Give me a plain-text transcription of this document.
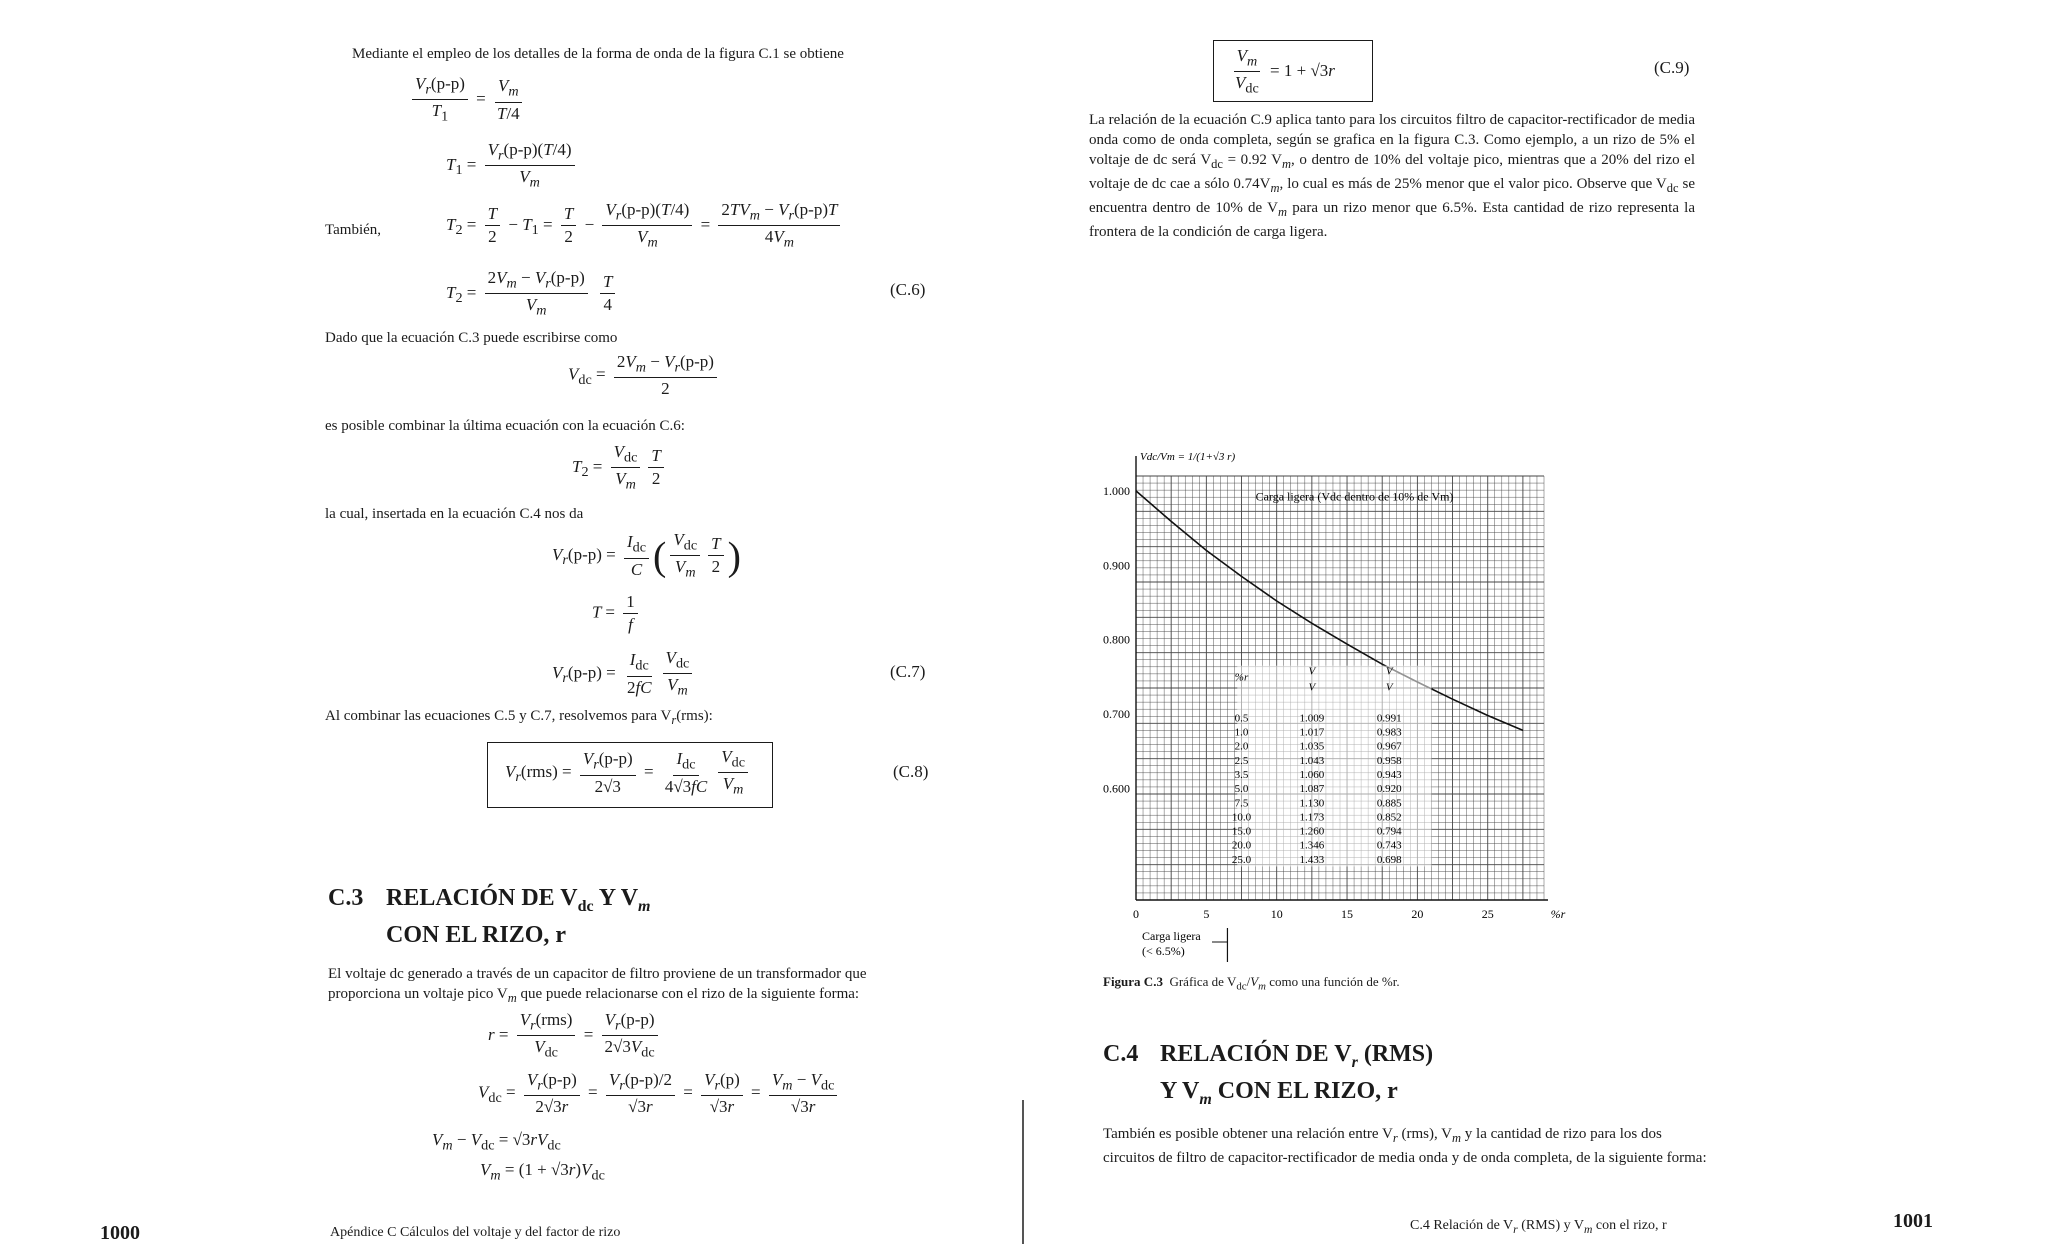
Mediante el empleo de los detalles de la forma de onda de la figura C.1 se obtiene
$\frac{V_r(p-p)}{T_1} = \frac{V_m}{T/4}$
$T_1 = \frac{V_r(p-p)(T/4)}{V_m}$
También,	$T_2 = \frac{T}{2} - T_1 = \frac{T}{2} - \frac{V_r(p-p)(T/4)}{V_m} = \frac{2TV_m - V_r(p-p)T}{4V_m}$
$T_2 = \frac{2V_m - V_r(p-p)}{V_m}$
$\frac{T}{4}$	(C.6)
Dado que la ecuación C.3 puede escribirse como
$V_{dc} = \frac{2V_m - V_r(p-p)}{2}$
es posible combinar la última ecuación con la ecuación C.6:
$T_2 = \frac{V_{dc}}{V_m} \frac{T}{2}$
la cual, insertada en la ecuación C.4 nos da
$V_r(p-p) = \frac{I_{dc}}{C}$ ( $\frac{V_{dc}}{V_m} \frac{T}{2}$ )
$T = \frac{1}{f}$
$V_r(p-p) = \frac{I_{dc}}{2fC} \frac{V_{dc}}{V_m}$	(C.7)
Al combinar las ecuaciones C.5 y C.7, resolvemos para $V_r(rms)$:
$V_r(rms) = \frac{V_r(p-p)}{2√3} = \frac{I_{dc}}{4√3fC} \frac{V_{dc}}{V_m}$	(C.8)
C.3 RELACIÓN DE $V_{dc}$ Y $V_m$
CON EL RIZO, r
El voltaje dc generado a través de un capacitor de filtro proviene de un transformador que proporciona un voltaje pico $V_m$ que puede relacionarse con el rizo de la siguiente forma:
$r = \frac{V_r(rms)}{V_{dc}} = \frac{V_r(p-p)}{2√3V_{dc}}$
$V_{dc} = \frac{V_r(p-p)}{2√3r} = \frac{V_r(p-p)/2}{√3r} = \frac{V_r(p)}{√3r} = \frac{V_m - V_{dc}}{√3r}$
$V_m - V_{dc} = √3rV_{dc}$
$V_m = (1 + √3r)V_{dc}$
1000	Apéndice C Cálculos del voltaje y del factor de rizo
$\frac{V_m}{V_{dc}} = 1 + √3r$	(C.9)
La relación de la ecuación C.9 aplica tanto para los circuitos filtro de capacitor-rectificador de media onda como de onda completa, según se grafica en la figura C.3. Como ejemplo, a un rizo de 5% el voltaje de dc será $V_{dc} = 0.92$ $V_m$, o dentro de 10% del voltaje pico, mientras que a 20% del rizo el voltaje de dc cae a sólo $0.74V_m$, lo cual es más de 25% menor que el valor pico. Observe que $V_{dc}$ se encuentra dentro de 10% de $V_m$ para un rizo menor que 6.5%. Esta cantidad de rizo representa la frontera de la condición de carga ligera.
1.000
0.900
0.800
0.700
0.600
0	5	10	15	20	25	%r
Vdc/Vm = 1/(1+√3 r)
Carga ligera (Vdc dentro de 10% de Vm)
Carga ligera
(< 6.5%)
%r	V
V
V
V
0.5	1.009	0.991
1.0	1.017	0.983
2.0	1.035	0.967
2.5	1.043	0.958
3.5	1.060	0.943
5.0	1.087	0.920
7.5	1.130	0.885
10.0	1.173	0.852
15.0	1.260	0.794
20.0	1.346	0.743
25.0	1.433	0.698
Figura C.3 Gráfica de $V_{dc}/V_m$ como una función de %r.
C.4 RELACIÓN DE $V_r$ (RMS)
Y $V_m$ CON EL RIZO, r
También es posible obtener una relación entre $V_r$ (rms), $V_m$ y la cantidad de rizo para los dos circuitos de filtro de capacitor-rectificador de media onda y de onda completa, de la siguiente forma:
C.4 Relación de $V_r$ (RMS) y $V_m$ con el rizo, r	1001
